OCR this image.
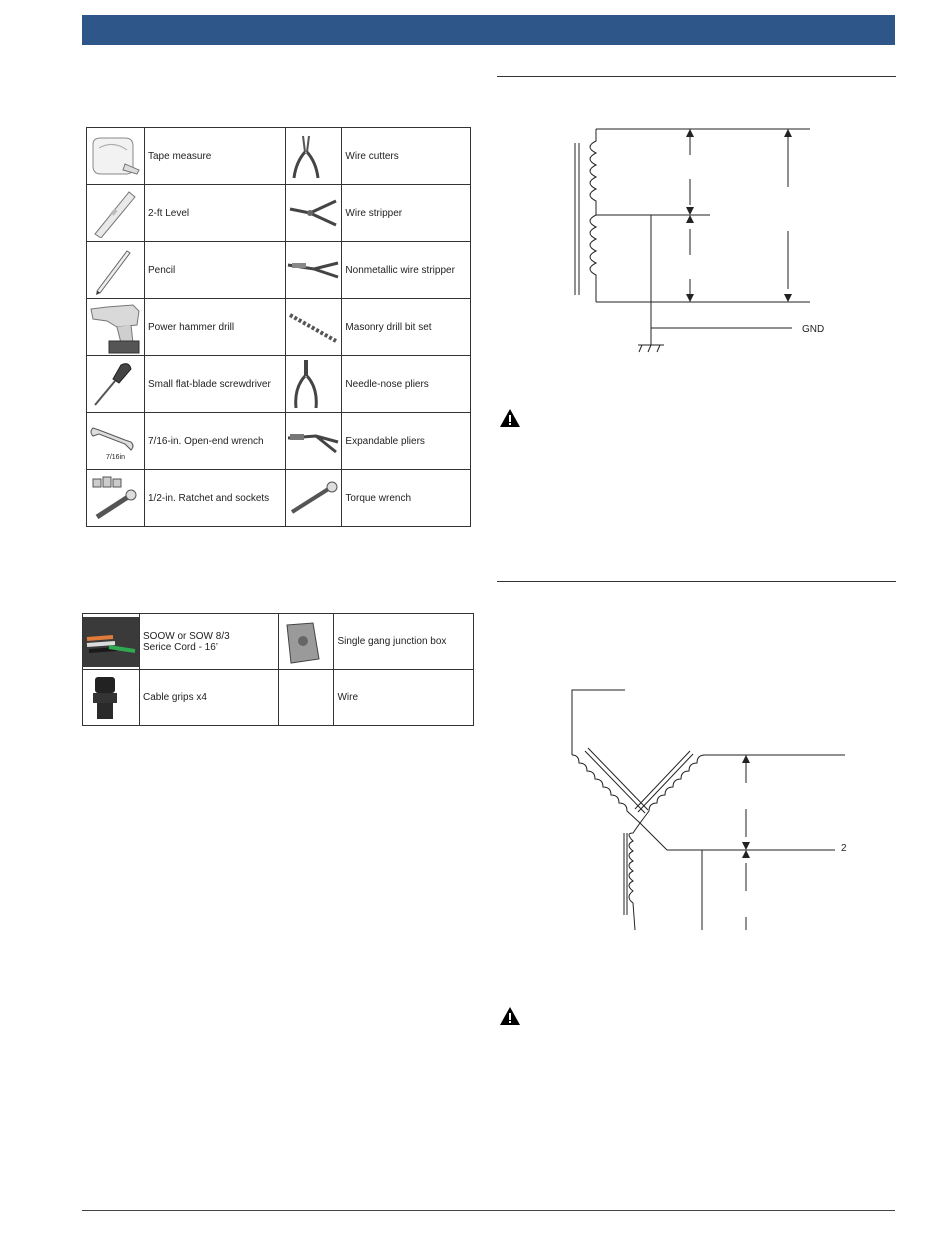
	Tape measure		Wire cutters

	2-ft Level		Wire stripper

	Pencil		Nonmetallic wire stripper

	Power hammer drill		Masonry drill bit set

	Small flat-blade screwdriver		Needle-nose pliers

7/16in	7/16-in. Open-end wrench		Expandable pliers

	1/2-in. Ratchet and sockets		Torque wrench

SOOW or SOW 8/3
Serice Cord - 16’		Single gang junction box

	Cable grips x4		Wire
GND
2
